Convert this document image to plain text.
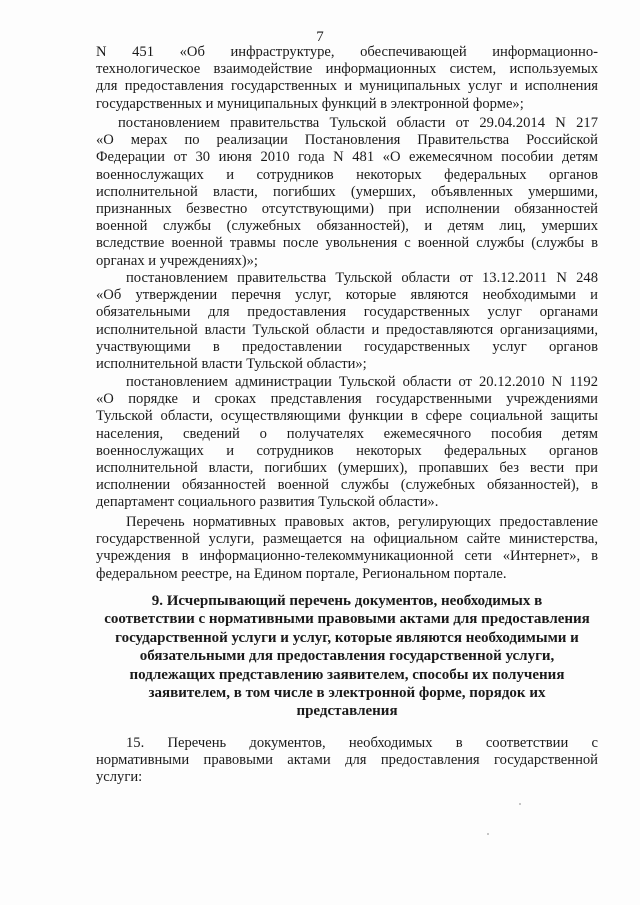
7
N 451 «Об инфраструктуре, обеспечивающей информационно-
технологическое взаимодействие информационных систем, используемых
для предоставления государственных и муниципальных услуг и исполнения
государственных и муниципальных функций в электронной форме»;
постановлением правительства Тульской области от 29.04.2014 N 217
«О мерах по реализации Постановления Правительства Российской
Федерации от 30 июня 2010 года N 481 «О ежемесячном пособии детям
военнослужащих и сотрудников некоторых федеральных органов
исполнительной власти, погибших (умерших, объявленных умершими,
признанных безвестно отсутствующими) при исполнении обязанностей
военной службы (служебных обязанностей), и детям лиц, умерших
вследствие военной травмы после увольнения с военной службы (службы в
органах и учреждениях)»;
постановлением правительства Тульской области от 13.12.2011 N 248
«Об утверждении перечня услуг, которые являются необходимыми и
обязательными для предоставления государственных услуг органами
исполнительной власти Тульской области и предоставляются организациями,
участвующими в предоставлении государственных услуг органов
исполнительной власти Тульской области»;
постановлением администрации Тульской области от 20.12.2010 N 1192
«О порядке и сроках представления государственными учреждениями
Тульской области, осуществляющими функции в сфере социальной защиты
населения, сведений о получателях ежемесячного пособия детям
военнослужащих и сотрудников некоторых федеральных органов
исполнительной власти, погибших (умерших), пропавших без вести при
исполнении обязанностей военной службы (служебных обязанностей), в
департамент социального развития Тульской области».
Перечень нормативных правовых актов, регулирующих предоставление
государственной услуги, размещается на официальном сайте министерства,
учреждения в информационно-телекоммуникационной сети «Интернет», в
федеральном реестре, на Едином портале, Региональном портале.
9. Исчерпывающий перечень документов, необходимых в
соответствии с нормативными правовыми актами для предоставления
государственной услуги и услуг, которые являются необходимыми и
обязательными для предоставления государственной услуги,
подлежащих представлению заявителем, способы их получения
заявителем, в том числе в электронной форме, порядок их
представления
15. Перечень документов, необходимых в соответствии с
нормативными правовыми актами для предоставления государственной
услуги:
